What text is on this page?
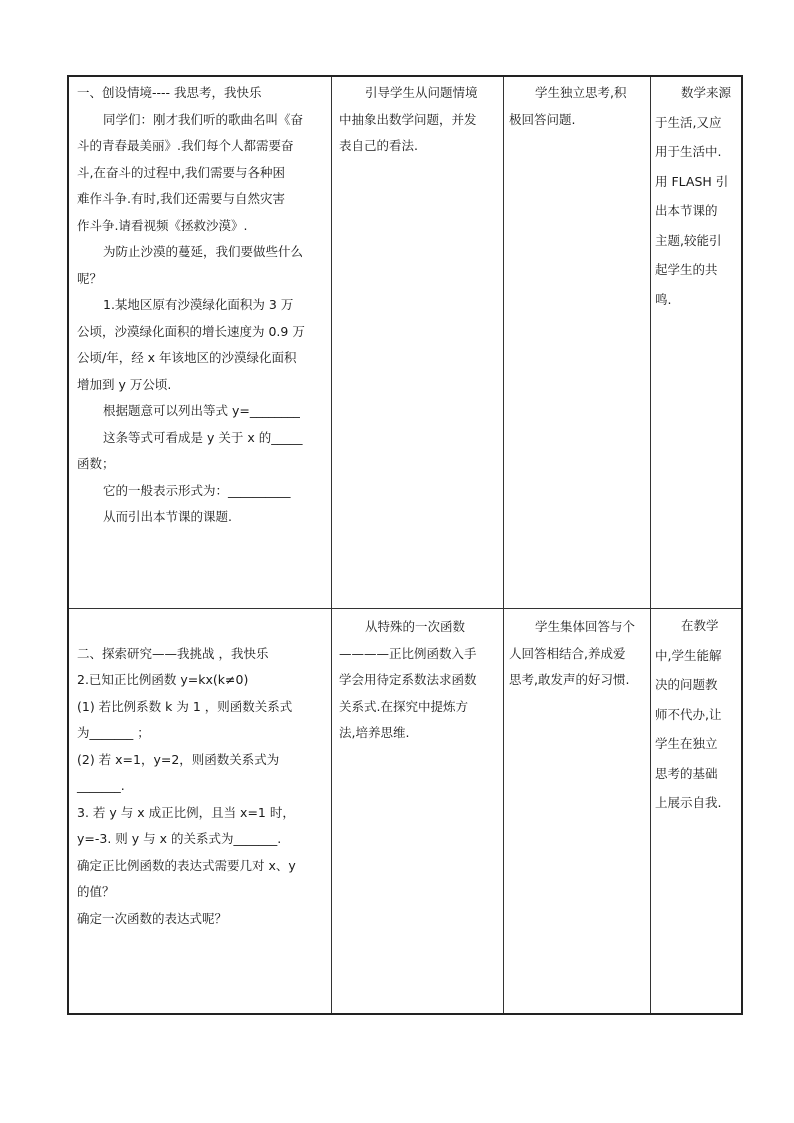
一、创设情境---- 我思考，我快乐
同学们：刚才我们听的歌曲名叫《奋
斗的青春最美丽》.我们每个人都需要奋
斗,在奋斗的过程中,我们需要与各种困
难作斗争.有时,我们还需要与自然灾害
作斗争.请看视频《拯救沙漠》.
为防止沙漠的蔓延，我们要做些什么
呢？
1.某地区原有沙漠绿化面积为 3 万
公顷，沙漠绿化面积的增长速度为 0.9 万
公顷/年，经 x 年该地区的沙漠绿化面积
增加到 y 万公顷.
根据题意可以列出等式 y=________
这条等式可看成是 y 关于 x 的_____
函数；
它的一般表示形式为：__________
从而引出本节课的课题.
引导学生从问题情境
中抽象出数学问题，并发
表自己的看法.
学生独立思考,积
极回答问题.
数学来源
于生活,又应
用于生活中.
用 FLASH 引
出本节课的
主题,较能引
起学生的共
鸣.

二、探索研究——我挑战 ，我快乐
2.已知正比例函数 y=kx(k≠0)
(1) 若比例系数 k 为 1 ，则函数关系式
为_______ ；
(2) 若 x=1，y=2，则函数关系式为
_______.
3. 若 y 与 x 成正比例，且当 x=1 时，
y=-3. 则 y 与 x 的关系式为_______.
确定正比例函数的表达式需要几对 x、y
的值？
确定一次函数的表达式呢？
从特殊的一次函数
————正比例函数入手
学会用待定系数法求函数
关系式.在探究中提炼方
法,培养思维.
学生集体回答与个
人回答相结合,养成爱
思考,敢发声的好习惯.
在教学
中,学生能解
决的问题教
师不代办,让
学生在独立
思考的基础
上展示自我.
